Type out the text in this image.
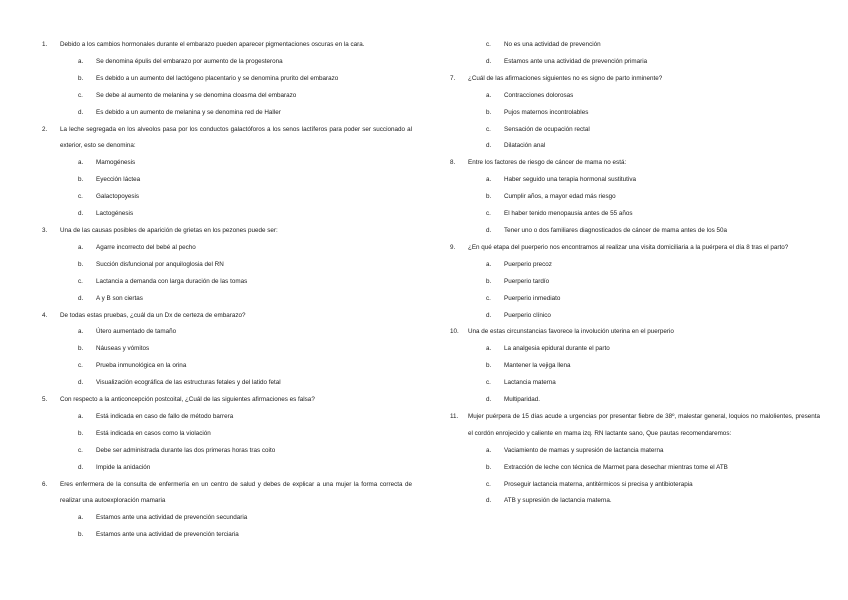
1.	Debido a los cambios hormonales durante el embarazo pueden aparecer pigmentaciones oscuras en la cara.
a.	Se denomina épulis del embarazo por aumento de la progesterona
b.	Es debido a un aumento del lactógeno placentario y se denomina prurito del embarazo
c.	Se debe al aumento de melanina y se denomina cloasma del embarazo
d.	Es debido a un aumento de melanina y se denomina red de Haller
2.	La leche segregada en los alveolos pasa por los conductos galactóforos a los senos lactíferos para poder ser succionado al exterior, esto se denomina:
a.	Mamogénesis
b.	Eyección láctea
c.	Galactopoyesis
d.	Lactogénesis
3.	Una de las causas posibles de aparición de grietas en los pezones puede ser:
a.	Agarre incorrecto del bebé al pecho
b.	Succión disfuncional por anquiloglosia del RN
c.	Lactancia a demanda con larga duración de las tomas
d.	A y B son ciertas
4.	De todas estas pruebas, ¿cuál da un Dx de certeza de embarazo?
a.	Útero aumentado de tamaño
b.	Náuseas y vómitos
c.	Prueba inmunológica en la orina
d.	Visualización ecográfica de las estructuras fetales y del latido fetal
5.	Con respecto a la anticoncepción postcoital, ¿Cuál de las siguientes afirmaciones es falsa?
a.	Está indicada en caso de fallo de método barrera
b.	Está indicada en casos como la violación
c.	Debe ser administrada durante las dos primeras horas tras coito
d.	Impide la anidación
6.	Eres enfermera de la consulta de enfermería en un centro de salud y debes de explicar a una mujer la forma correcta de realizar una autoexploración mamaria
a.	Estamos ante una actividad de prevención secundaria
b.	Estamos ante una actividad de prevención terciaria
c.	No es una actividad de prevención
d.	Estamos ante una actividad de prevención primaria
7.	¿Cuál de las afirmaciones siguientes no es signo de parto inminente?
a.	Contracciones dolorosas
b.	Pujos maternos incontrolables
c.	Sensación de ocupación rectal
d.	Dilatación anal
8.	Entre los factores de riesgo de cáncer de mama no está:
a.	Haber seguido una terapia hormonal sustitutiva
b.	Cumplir años, a mayor edad más riesgo
c.	El haber tenido menopausia antes de 55 años
d.	Tener uno o dos familiares diagnosticados de cáncer de mama antes de los 50a
9.	¿En qué etapa del puerperio nos encontramos al realizar una visita domiciliaria a la puérpera el día 8 tras el parto?
a.	Puerperio precoz
b.	Puerperio tardío
c.	Puerperio inmediato
d.	Puerperio clínico
10.	Una de estas circunstancias favorece la involución uterina en el puerperio
a.	La analgesia epidural durante el parto
b.	Mantener la vejiga llena
c.	Lactancia materna
d.	Multiparidad.
11.	Mujer puérpera de 15 días acude a urgencias por presentar fiebre de 38º, malestar general, loquios no malolientes, presenta el cordón enrojecido y caliente en mama izq. RN lactante sano, Que pautas recomendaremos:
a.	Vaciamiento de mamas y supresión de lactancia materna
b.	Extracción de leche con técnica de Marmet para desechar mientras tome el ATB
c.	Proseguir lactancia materna, antitérmicos si precisa y antibioterapia
d.	ATB y supresión de lactancia materna.
